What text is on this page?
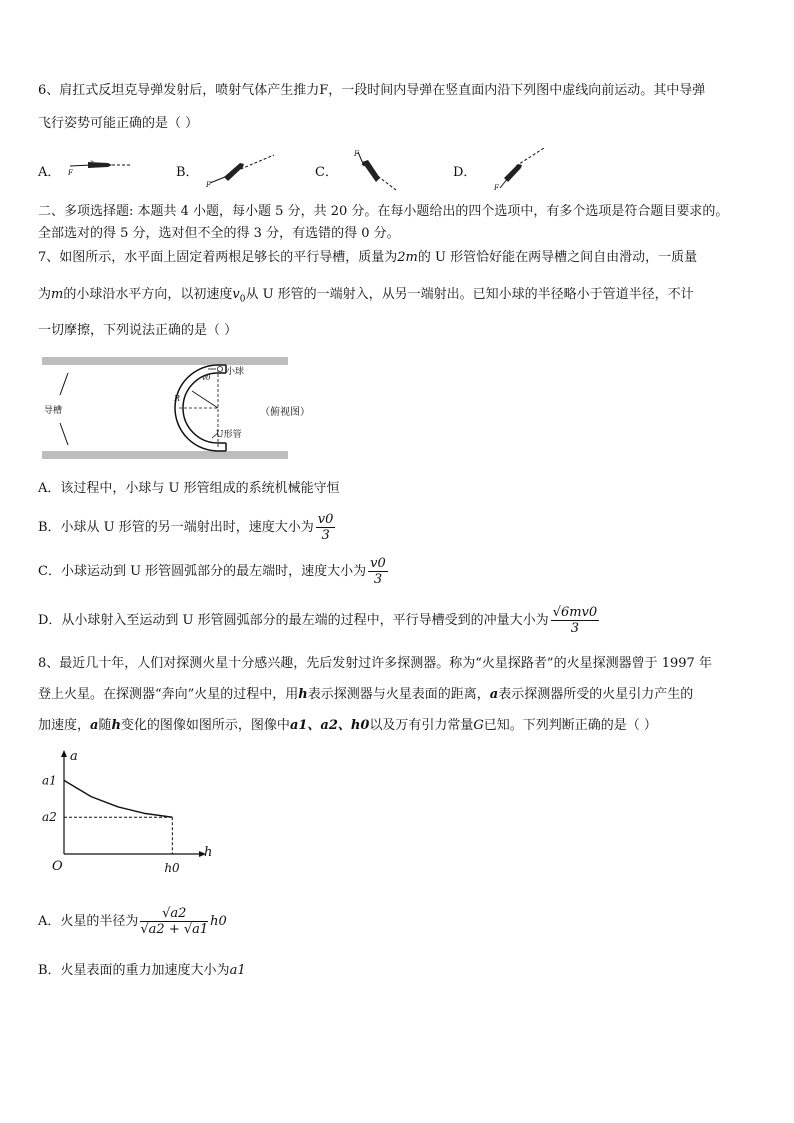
6、肩扛式反坦克导弹发射后，喷射气体产生推力F，一段时间内导弹在竖直面内沿下列图中虚线向前运动。其中导弹
飞行姿势可能正确的是（ ）
A． F	B．
F
C．
F
D．
F
二、多项选择题: 本题共 4 小题，每小题 5 分，共 20 分。在每小题给出的四个选项中，有多个选项是符合题目要求的。
全部选对的得 5 分，选对但不全的得 3 分，有选错的得 0 分。
7、如图所示，水平面上固定着两根足够长的平行导槽，质量为2m的 U 形管恰好能在两导槽之间自由滑动，一质量
为m的小球沿水平方向，以初速度$v_0$从 U 形管的一端射入，从另一端射出。已知小球的半径略小于管道半径，不计
一切摩擦，下列说法正确的是（ ）
导槽
R
v0
小球
U形管
（俯视图）
A．该过程中，小球与 U 形管组成的系统机械能守恒
B．小球从 U 形管的另一端射出时，速度大小为 $\frac{v0}{3}$
C．小球运动到 U 形管圆弧部分的最左端时，速度大小为 $\frac{v0}{3}$
D．从小球射入至运动到 U 形管圆弧部分的最左端的过程中，平行导槽受到的冲量大小为 $\frac{√6mv0}{3}$
8、最近几十年，人们对探测火星十分感兴趣，先后发射过许多探测器。称为“火星探路者”的火星探测器曾于 1997 年
登上火星。在探测器“奔向”火星的过程中，用h表示探测器与火星表面的距离，a表示探测器所受的火星引力产生的
加速度，a随h变化的图像如图所示，图像中a1、a2、h0以及万有引力常量G已知。下列判断正确的是（ ）
h
a
O
a1
a2
h0
A．火星的半径为 $\frac{√a2}{√a2 + √a1} h0$
B．火星表面的重力加速度大小为a1
